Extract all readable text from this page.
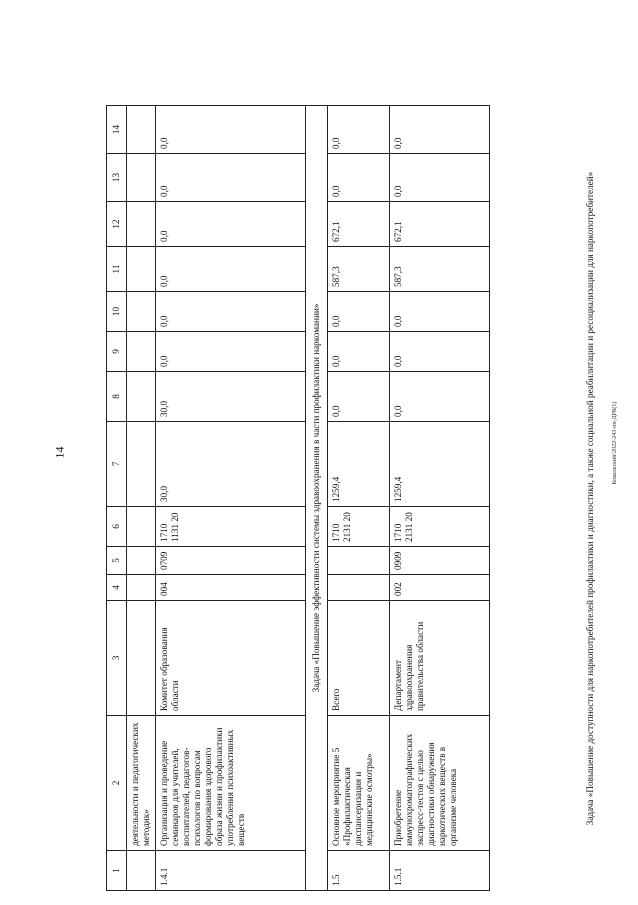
14	Ковальский/2022-243-пп-ДРБ(1)
1	2	3	4	5	6	7	8	9	10	11	12	13	14
	деятельности и педагогических методик»												
1.4.1	Организация и проведение семинаров для учителей, воспитателей, педагогов-психологов по вопросам формирования здорового образа жизни и профилактики употребления психоактивных веществ	Комитет образования области	004	0709	1710 1131 20	30,0	30,0	0,0	0,0	0,0	0,0	0,0	0,0
Задача «Повышение эффективности системы здравоохранения в части профилактики наркомании»													
1.5	Основное мероприятие 5 «Профилактическая диспансеризация и медицинские осмотры»	Всего			1710 2131 20	1259,4	0,0	0,0	0,0	587,3	672,1	0,0	0,0
1.5.1	Приобретение иммунохроматографических экспресс-тестов с целью диагностики обнаружения наркотических веществ в организме человека	Департамент здравоохранения правительства области	002	0909	1710 2131 20	1259,4	0,0	0,0	0,0	587,3	672,1	0,0	0,0
Задача «Повышение доступности для наркопотребителей профилактики и диагностики, а также социальной реабилитации и ресоциализации для наркопотребителей»
